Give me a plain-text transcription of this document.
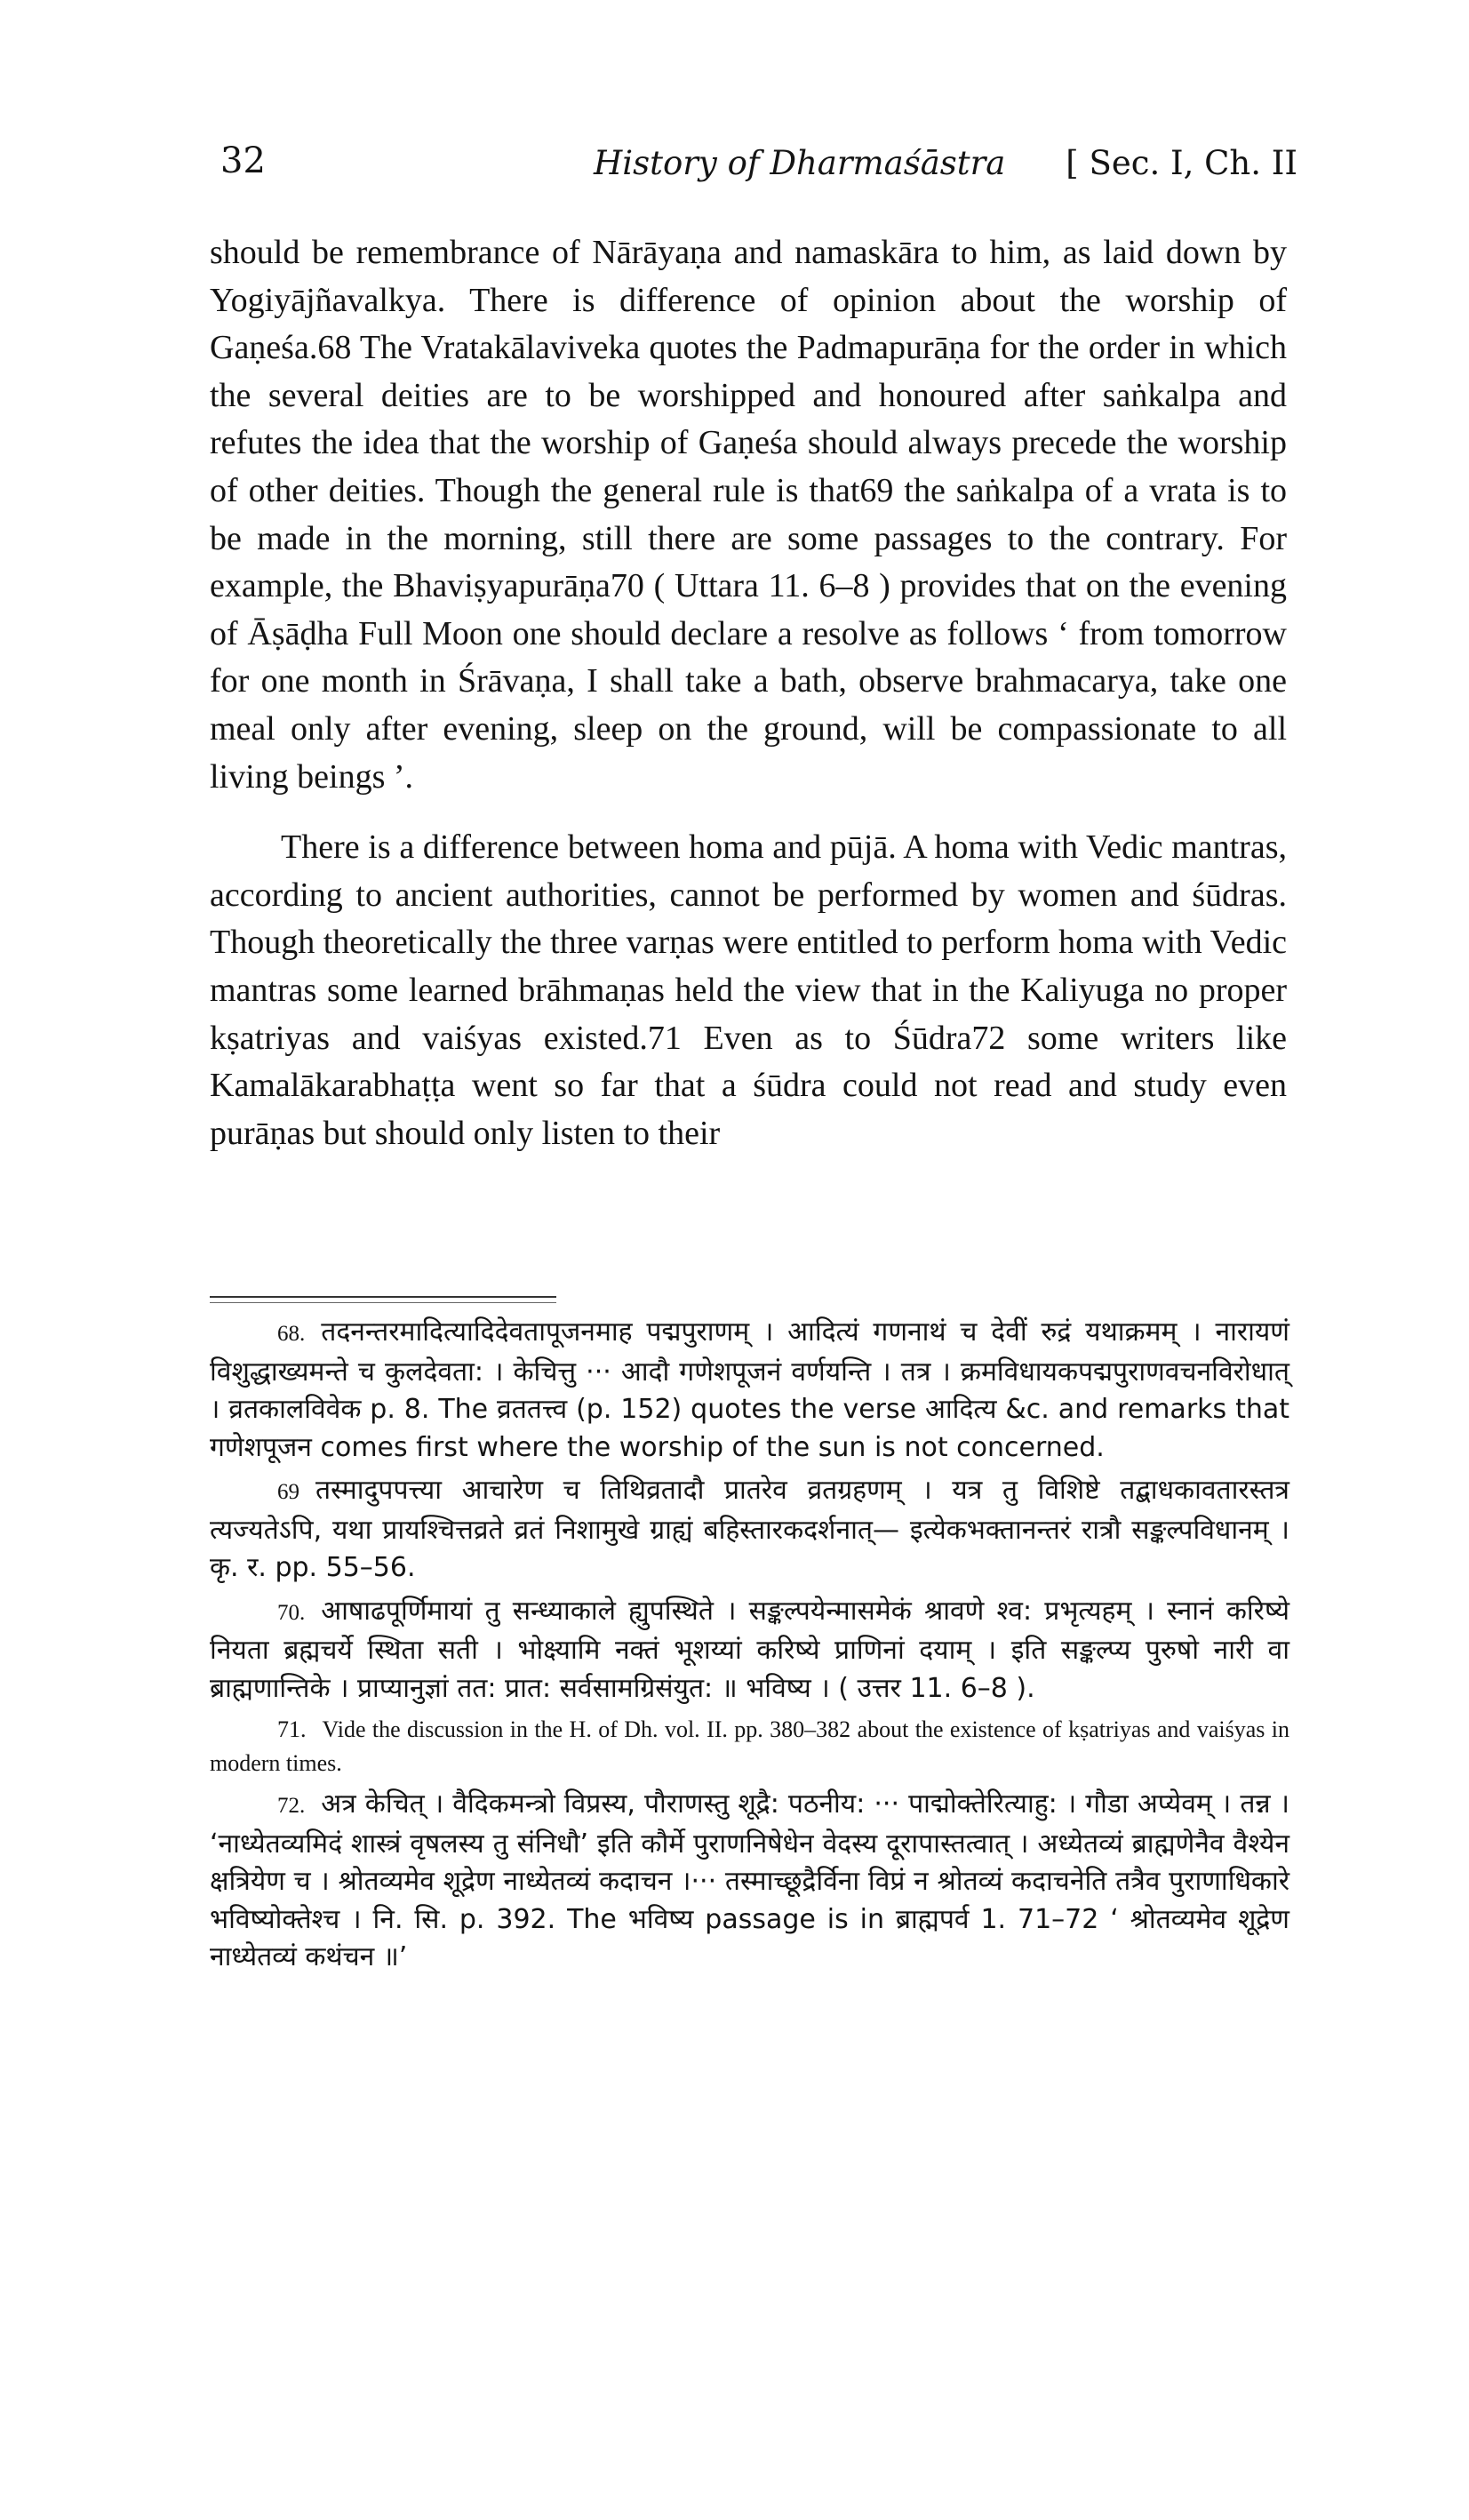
32	History of Dharmaśāstra [ Sec. I, Ch. II

should be remembrance of Nārāyaṇa and namaskāra to him, as laid down by Yogiyājñavalkya. There is difference of opinion about the worship of Gaṇeśa.68 The Vratakālaviveka quotes the Padmapurāṇa for the order in which the several deities are to be worshipped and honoured after saṅkalpa and refutes the idea that the worship of Gaṇeśa should always precede the worship of other deities. Though the general rule is that69 the saṅkalpa of a vrata is to be made in the morning, still there are some passages to the contrary. For example, the Bhaviṣyapurāṇa70 ( Uttara 11. 6–8 ) provides that on the evening of Āṣāḍha Full Moon one should declare a resolve as follows ‘ from tomorrow for one month in Śrāvaṇa, I shall take a bath, observe brahmacarya, take one meal only after evening, sleep on the ground, will be compassionate to all living beings ’.

There is a difference between homa and pūjā. A homa with Vedic mantras, according to ancient authorities, cannot be performed by women and śūdras. Though theoretically the three varṇas were entitled to perform homa with Vedic mantras some learned brāhmaṇas held the view that in the Kaliyuga no proper kṣatriyas and vaiśyas existed.71 Even as to Śūdra72 some writers like Kamalākarabhaṭṭa went so far that a śūdra could not read and study even purāṇas but should only listen to their

68. तदनन्तरमादित्यादिदेवतापूजनमाह पद्मपुराणम् । आदित्यं गणनाथं च देवीं रुद्रं यथाक्रमम् । नारायणं विशुद्धाख्यमन्ते च कुलदेवता: । केचित्तु ··· आदौ गणेशपूजनं वर्णयन्ति । तत्र । क्रमविधायकपद्मपुराणवचनविरोधात् । व्रतकालविवेक p. 8. The व्रततत्त्व (p. 152) quotes the verse आदित्य &c. and remarks that गणेशपूजन comes first where the worship of the sun is not concerned.

69 तस्मादुपपत्त्या आचारेण च तिथिव्रतादौ प्रातरेव व्रतग्रहणम् । यत्र तु विशिष्टे तद्बाधकावतारस्तत्र त्यज्यतेऽपि, यथा प्रायश्चित्तव्रते व्रतं निशामुखे ग्राह्यं बहिस्तारकदर्शनात्— इत्येकभक्तानन्तरं रात्रौ सङ्कल्पविधानम् । कृ. र. pp. 55–56.

70. आषाढपूर्णिमायां तु सन्ध्याकाले ह्युपस्थिते । सङ्कल्पयेन्मासमेकं श्रावणे श्व: प्रभृत्यहम् । स्नानं करिष्ये नियता ब्रह्मचर्ये स्थिता सती । भोक्ष्यामि नक्तं भूशय्यां करिष्ये प्राणिनां दयाम् । इति सङ्कल्प्य पुरुषो नारी वा ब्राह्मणान्तिके । प्राप्यानुज्ञां तत: प्रात: सर्वसामग्रिसंयुत: ॥ भविष्य । ( उत्तर 11. 6–8 ).

71. Vide the discussion in the H. of Dh. vol. II. pp. 380–382 about the existence of kṣatriyas and vaiśyas in modern times.

72. अत्र केचित् । वैदिकमन्त्रो विप्रस्य, पौराणस्तु शूद्रै: पठनीय: ··· पाद्मोक्तेरित्याहु: । गौडा अप्येवम् । तन्न । ‘नाध्येतव्यमिदं शास्त्रं वृषलस्य तु संनिधौ’ इति कौर्मे पुराणनिषेधेन वेदस्य दूरापास्तत्वात् । अध्येतव्यं ब्राह्मणेनैव वैश्येन क्षत्रियेण च । श्रोतव्यमेव शूद्रेण नाध्येतव्यं कदाचन ।··· तस्माच्छूद्रैर्विना विप्रं न श्रोतव्यं कदाचनेति तत्रैव पुराणाधिकारे भविष्योक्तेश्च । नि. सि. p. 392. The भविष्य passage is in ब्राह्मपर्व 1. 71–72 ‘ श्रोतव्यमेव शूद्रेण नाध्येतव्यं कथंचन ॥’
